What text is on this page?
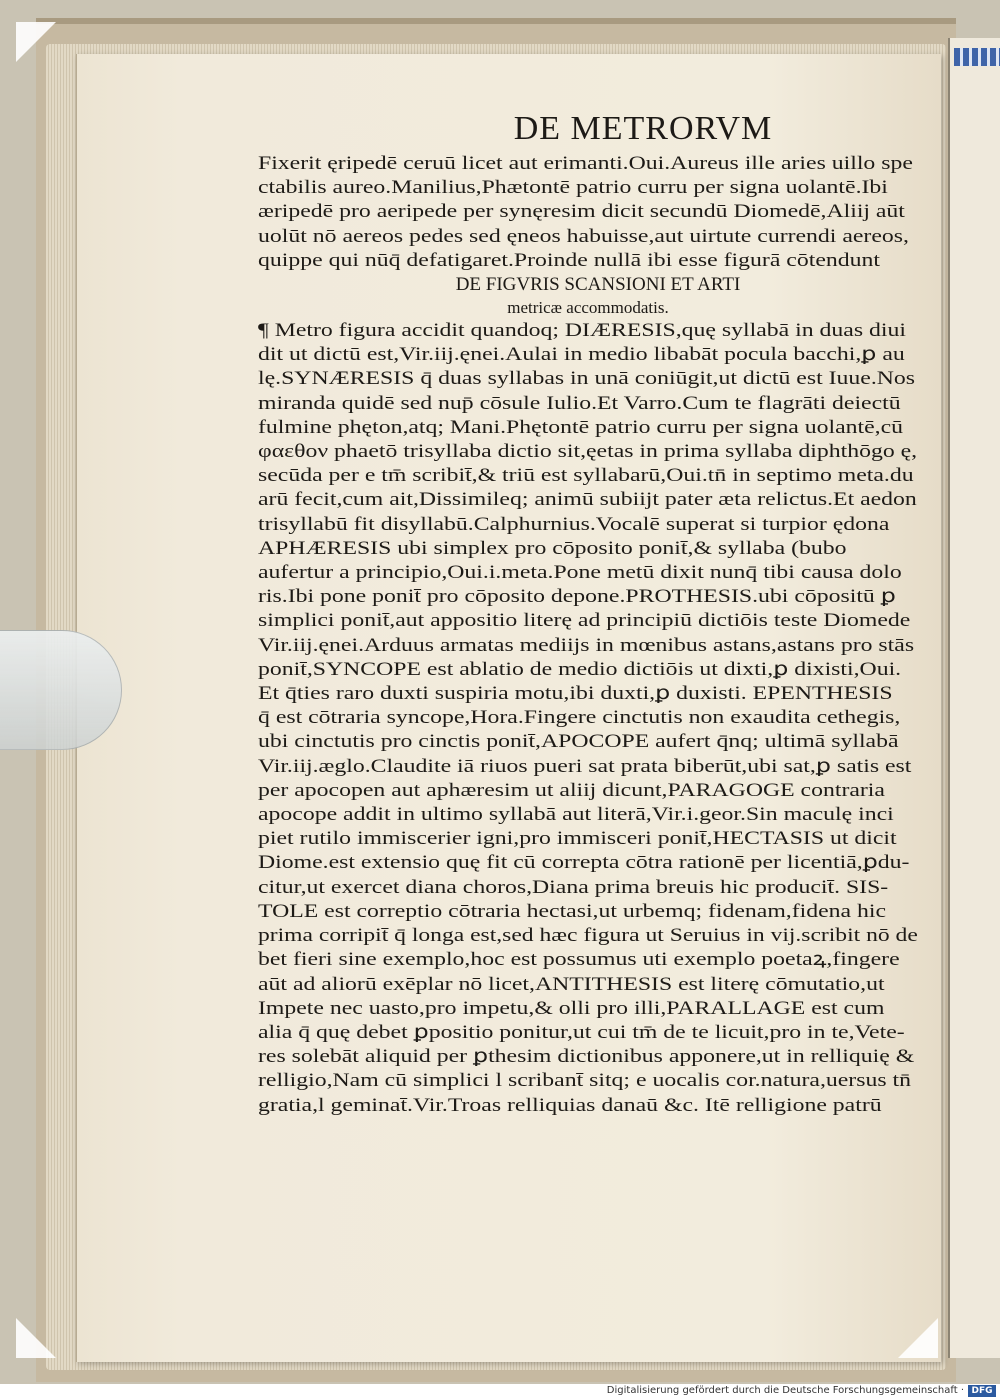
DE METRORVM
Fixerit ęripedē ceruū licet aut erimanti.Oui.Aureus ille aries uillo spe
ctabilis aureo.Manilius,Phætontē patrio curru per signa uolantē.Ibi
æripedē pro aeripede per synęresim dicit secundū Diomedē,Aliĳ aūt
uolūt nō aereos pedes sed ęneos habuisse,aut uirtute currendi aereos,
quippe qui nūq̄ defatigaret.Proinde nullā ibi esse figurā cōtendunt
DE FIGVRIS SCANSIONI ET ARTI
metricæ accommodatis.
¶ Metro figura accidit quandoq; DIÆRESIS,quę syllabā in duas diui
dit ut dictū est,Vir.iĳ.ęnei.Aulai in medio libabāt pocula bacchi,ꝑ au
lę.SYNÆRESIS q̄ duas syllabas in unā coniūgit,ut dictū est Iuue.Nos
miranda quidē sed nup̄ cōsule Iulio.Et Varro.Cum te flagrāti deiectū
fulmine phęton,atq; Mani.Phętontē patrio curru per signa uolantē,cū
φαεθον phaetō trisyllaba dictio sit,ęetas in prima syllaba diphthōgo ę,
secūda per e tm̄ scribit̄,& triū est syllabarū,Oui.tn̄ in septimo meta.du
arū fecit,cum ait,Dissimileq; animū subiĳt pater æta relictus.Et aedon
trisyllabū fit disyllabū.Calphurnius.Vocalē superat si turpior ędona
APHÆRESIS ubi simplex pro cōposito ponit̄,& syllaba (bubo
aufertur a principio,Oui.i.meta.Pone metū dixit nunq̄ tibi causa dolo
ris.Ibi pone ponit̄ pro cōposito depone.PROTHESIS.ubi cōpositū ꝑ
simplici ponit̄,aut appositio literę ad principiū dictiōis teste Diomede
Vir.iĳ.ęnei.Arduus armatas mediĳs in mœnibus astans,astans pro stās
ponit̄,SYNCOPE est ablatio de medio dictiōis ut dixti,ꝑ dixisti,Oui.
Et q̄ties raro duxti suspiria motu,ibi duxti,ꝑ duxisti. EPENTHESIS
q̄ est cōtraria syncope,Hora.Fingere cinctutis non exaudita cethegis,
ubi cinctutis pro cinctis ponit̄,APOCOPE aufert q̄nq; ultimā syllabā
Vir.iĳ.æglo.Claudite iā riuos pueri sat prata biberūt,ubi sat,ꝑ satis est
per apocopen aut aphæresim ut aliĳ dicunt,PARAGOGE contraria
apocope addit in ultimo syllabā aut literā,Vir.i.geor.Sin maculę inci
piet rutilo immiscerier igni,pro immisceri ponit̄,HECTASIS ut dicit
Diome.est extensio quę fit cū correpta cōtra rationē per licentiā,ꝑdu-
citur,ut exercet diana choros,Diana prima breuis hic producit̄. SIS-
TOLE est correptio cōtraria hectasi,ut urbemq; fidenam,fidena hic
prima corripit̄ q̄ longa est,sed hæc figura ut Seruius in vĳ.scribit nō de
bet fieri sine exemplo,hoc est possumus uti exemplo poetaꝝ,fingere
aūt ad aliorū exēplar nō licet,ANTITHESIS est literę cōmutatio,ut
Impete nec uasto,pro impetu,& olli pro illi,PARALLAGE est cum
alia q̄ quę debet ꝑpositio ponitur,ut cui tm̄ de te licuit,pro in te,Vete-
res solebāt aliquid per ꝑthesim dictionibus apponere,ut in relliquię &
relligio,Nam cū simplici l scribant̄ sitq; e uocalis cor.natura,uersus tn̄
gratia,l geminat̄.Vir.Troas relliquias danaū &c. Itē relligione patrū
Digitalisierung gefördert durch die Deutsche Forschungsgemeinschaft · DFG
